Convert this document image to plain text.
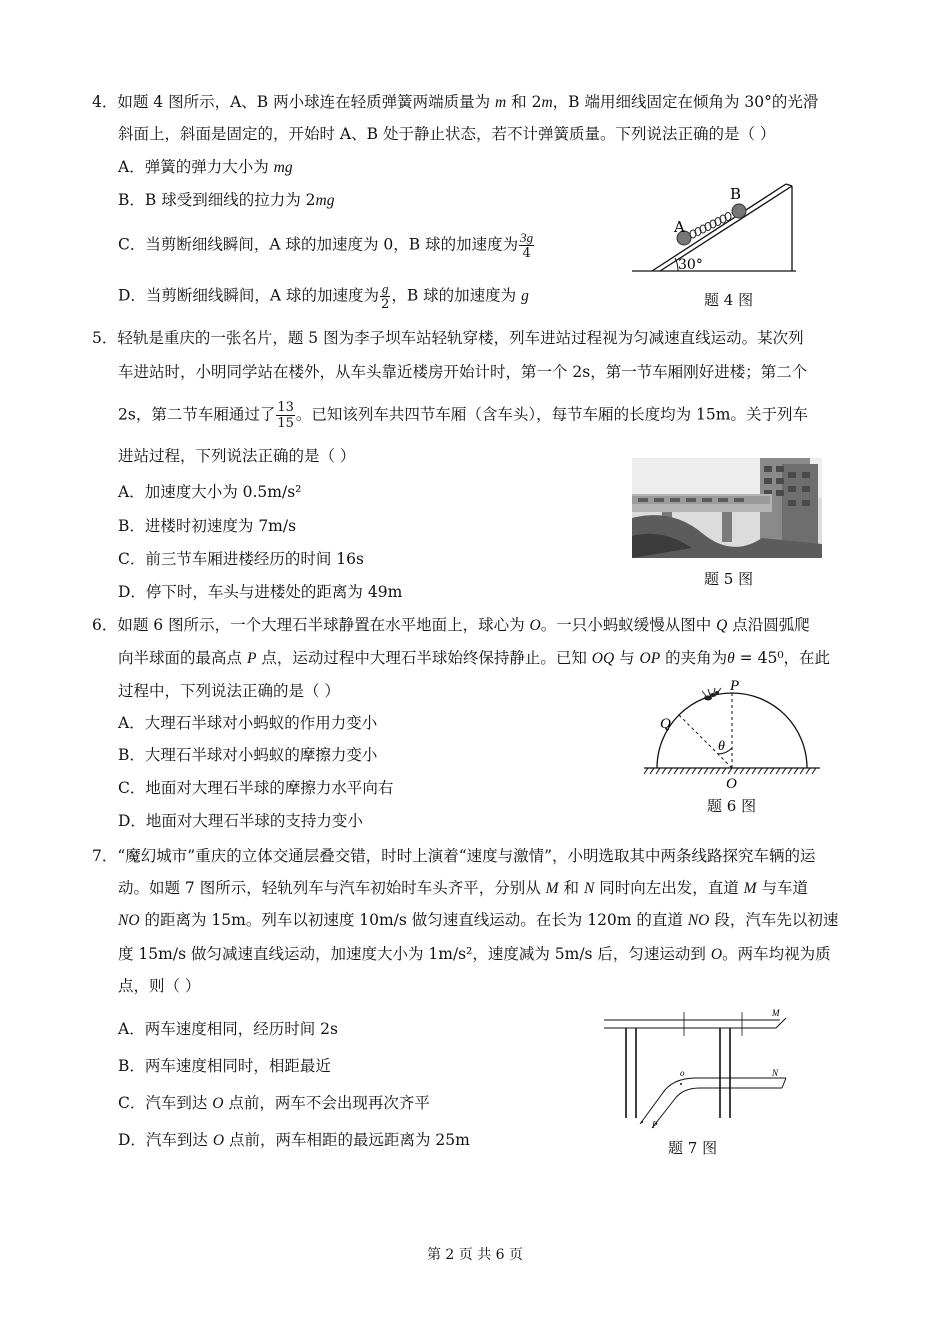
4．如题 4 图所示，A、B 两小球连在轻质弹簧两端质量为 m 和 2m，B 端用细线固定在倾角为 30°的光滑
斜面上，斜面是固定的，开始时 A、B 处于静止状态，若不计弹簧质量。下列说法正确的是（ ）
A．弹簧的弹力大小为 mg
B．B 球受到细线的拉力为 2mg
C．当剪断细线瞬间，A 球的加速度为 0，B 球的加速度为 $\frac{3g}{4}$
D．当剪断细线瞬间，A 球的加速度为 $\frac{g}{2}$ ，B 球的加速度为 g
A
B
30°
题 4 图
5．轻轨是重庆的一张名片，题 5 图为李子坝车站轻轨穿楼，列车进站过程视为匀减速直线运动。某次列
车进站时，小明同学站在楼外，从车头靠近楼房开始计时，第一个 2s，第一节车厢刚好进楼；第二个
2s，第二节车厢通过了 $\frac{13}{15}$ 。已知该列车共四节车厢（含车头），每节车厢的长度均为 15m。关于列车
进站过程，下列说法正确的是（ ）
A．加速度大小为 0.5m/s²
B．进楼时初速度为 7m/s
C．前三节车厢进楼经历的时间 16s
D．停下时，车头与进楼处的距离为 49m
题 5 图
6．如题 6 图所示，一个大理石半球静置在水平地面上，球心为 O。一只小蚂蚁缓慢从图中 Q 点沿圆弧爬
向半球面的最高点 P 点，运动过程中大理石半球始终保持静止。已知 OQ 与 OP 的夹角为θ = 45⁰，在此
过程中，下列说法正确的是（ ）
A．大理石半球对小蚂蚁的作用力变小
B．大理石半球对小蚂蚁的摩擦力变小
C．地面对大理石半球的摩擦力水平向右
D．地面对大理石半球的支持力变小
P
Q
θ
O
题 6 图
7．“魔幻城市”重庆的立体交通层叠交错，时时上演着“速度与激情”，小明选取其中两条线路探究车辆的运
动。如题 7 图所示，轻轨列车与汽车初始时车头齐平，分别从 M 和 N 同时向左出发，直道 M 与车道
NO 的距离为 15m。列车以初速度 10m/s 做匀速直线运动。在长为 120m 的直道 NO 段，汽车先以初速
度 15m/s 做匀减速直线运动，加速度大小为 1m/s²，速度减为 5m/s 后，匀速运动到 O。两车均视为质
点，则（ ）
A．两车速度相同，经历时间 2s
B．两车速度相同时，相距最近
C．汽车到达 O 点前，两车不会出现再次齐平
D．汽车到达 O 点前，两车相距的最远距离为 25m
M
N
o
P
题 7 图
第 2 页 共 6 页
